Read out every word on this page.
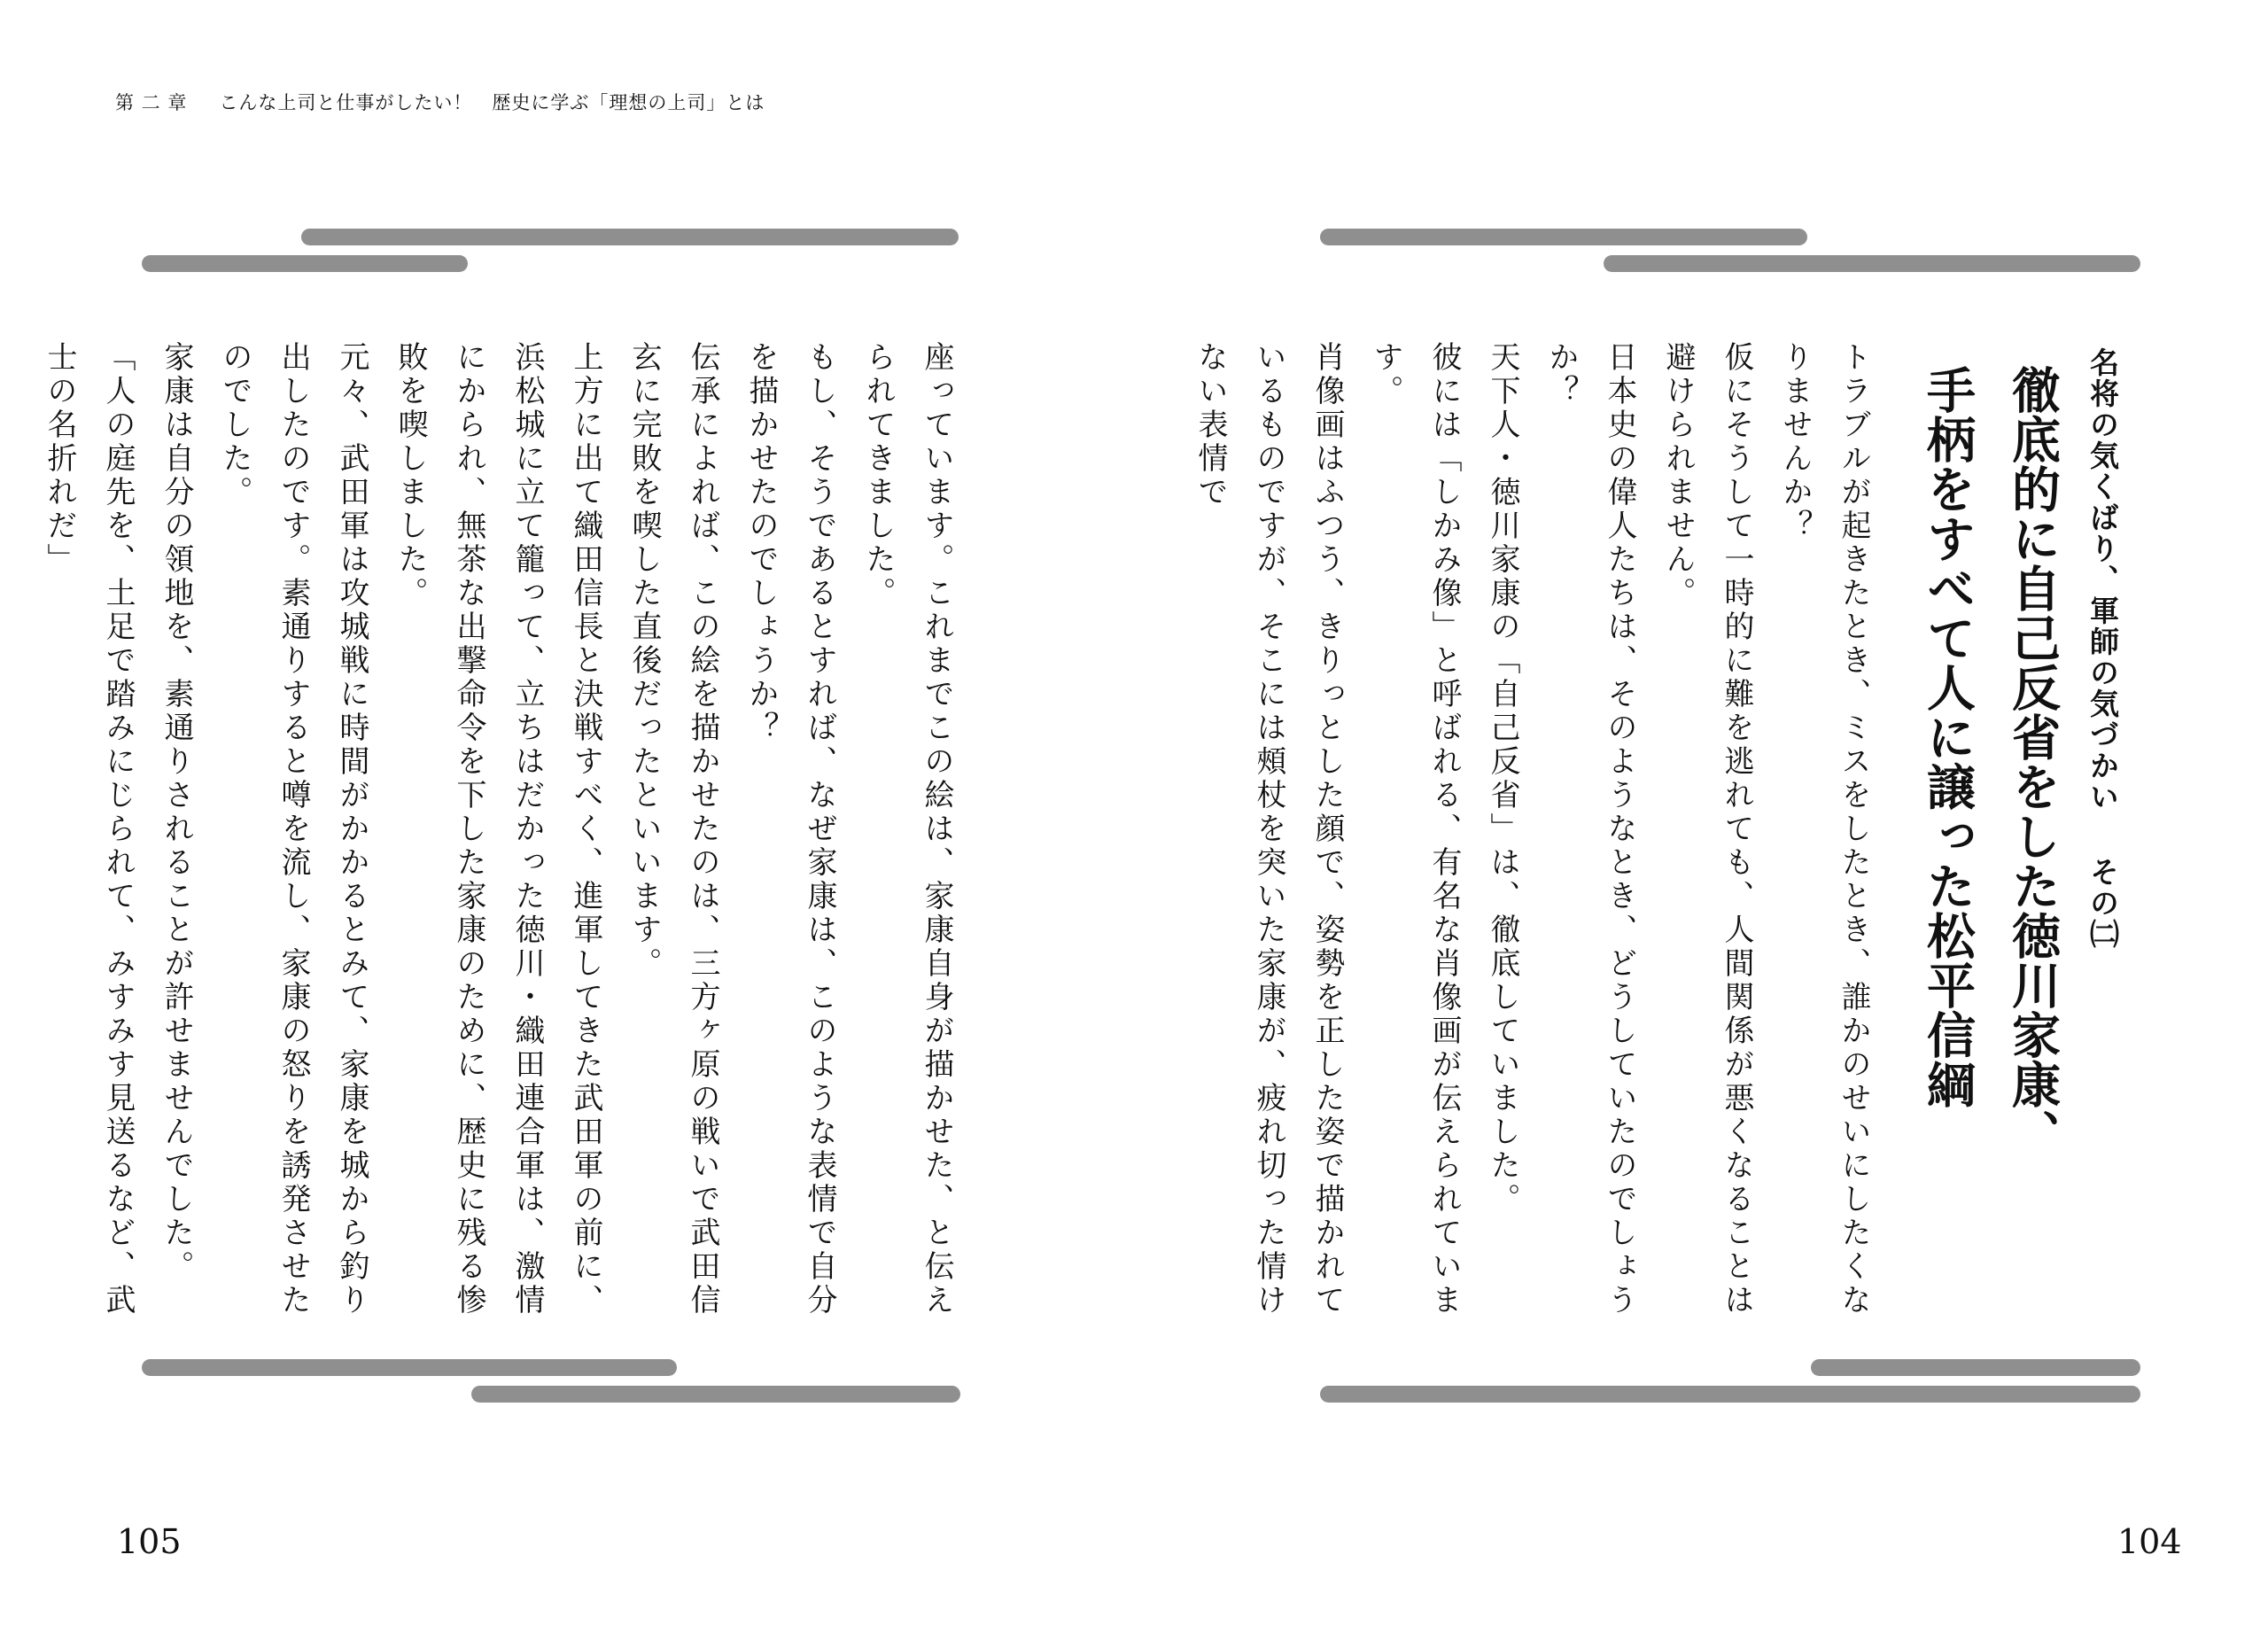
第 二 章 こんな上司と仕事がしたい！　歴史に学ぶ「理想の上司」とは

座っています。これまでこの絵は、家康自身が描かせた、と伝えられてきました。

もし、そうであるとすれば、なぜ家康は、このような表情で自分を描かせたのでしょうか？

伝承によれば、この絵を描かせたのは、三方ヶ原の戦いで武田信玄に完敗を喫した直後だったといいます。

上方に出て織田信長と決戦すべく、進軍してきた武田軍の前に、浜松城に立て籠って、立ちはだかった徳川・織田連合軍は、激情にかられ、無茶な出撃命令を下した家康のために、歴史に残る惨敗を喫しました。

元々、武田軍は攻城戦に時間がかかるとみて、家康を城から釣り出したのです。素通りすると噂を流し、家康の怒りを誘発させたのでした。

家康は自分の領地を、素通りされることが許せませんでした。

「人の庭先を、土足で踏みにじられて、みすみす見送るなど、武士の名折れだ」	名将の気くばり、軍師の気づかいその㈡

徹底的に自己反省をした徳川家康、

手柄をすべて人に譲った松平信綱

トラブルが起きたとき、ミスをしたとき、誰かのせいにしたくなりませんか？

仮にそうして一時的に難を逃れても、人間関係が悪くなることは避けられません。

日本史の偉人たちは、そのようなとき、どうしていたのでしょうか？

天下人・徳川家康の「自己反省」は、徹底していました。

彼には「しかみ像」と呼ばれる、有名な肖像画が伝えられています。

肖像画はふつう、きりっとした顔で、姿勢を正した姿で描かれているものですが、そこには頰杖を突いた家康が、疲れ切った情けない表情で

105	104
